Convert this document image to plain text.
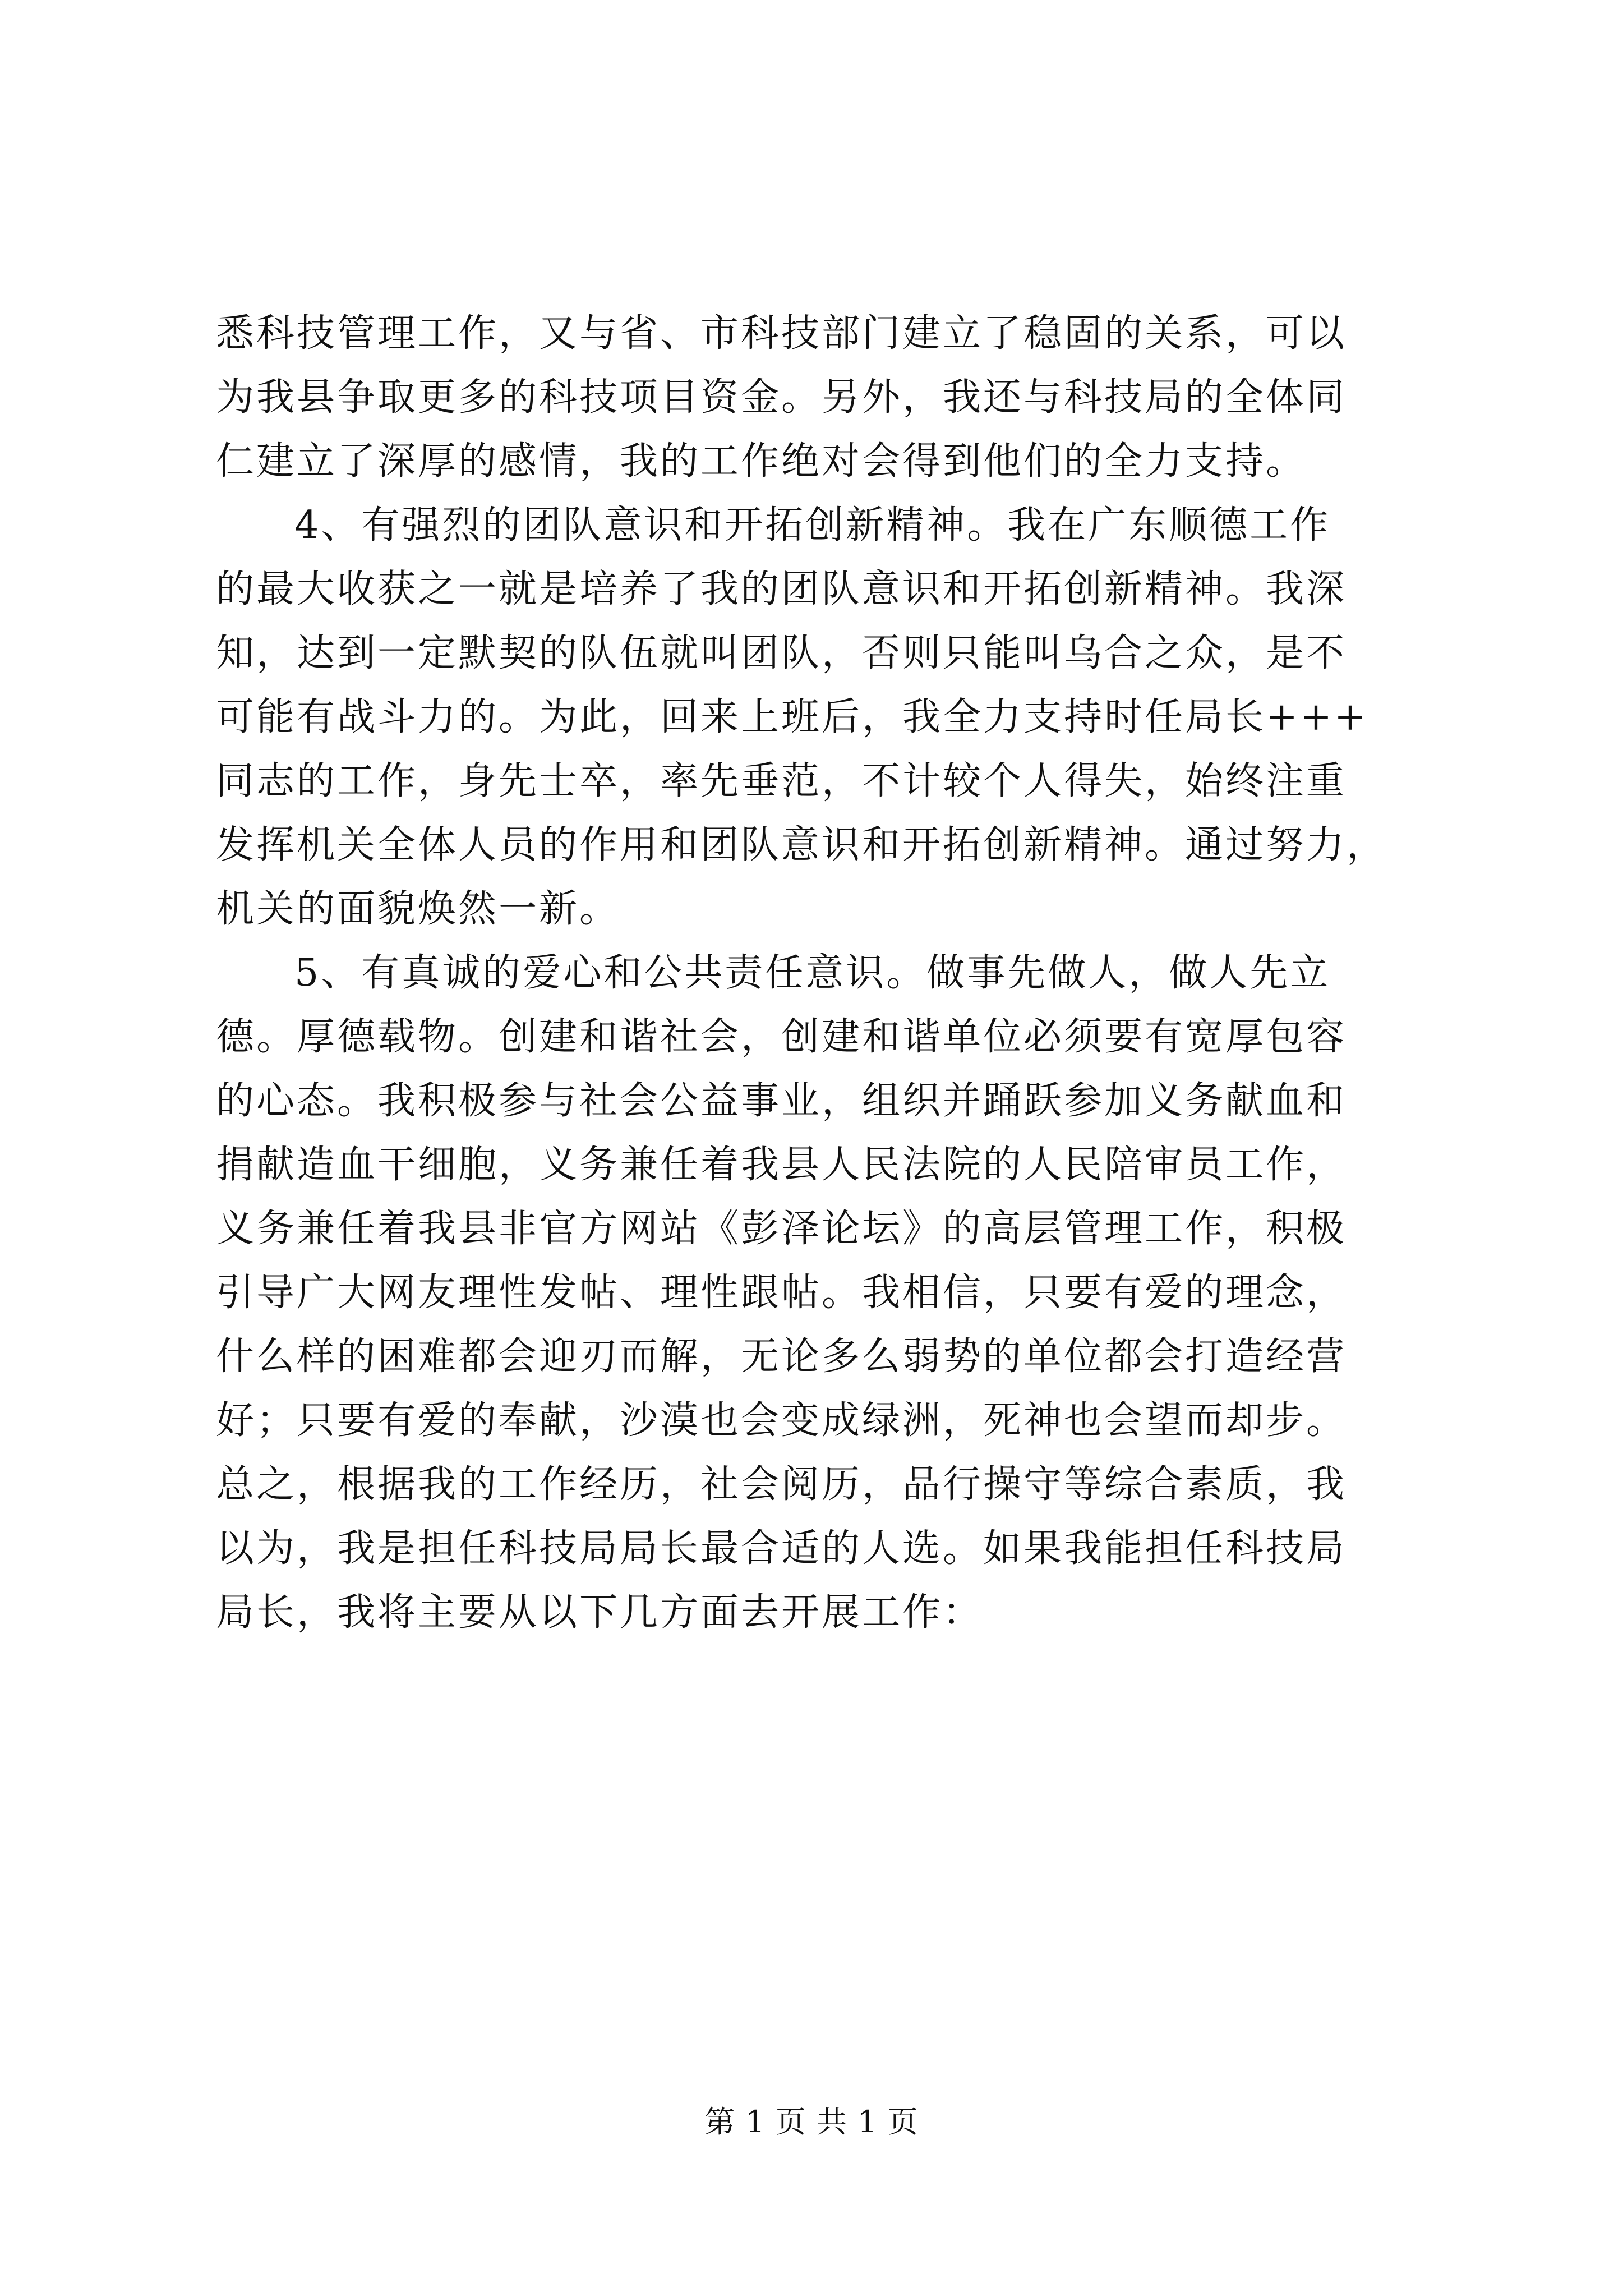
悉科技管理工作，又与省、市科技部门建立了稳固的关系，可以
为我县争取更多的科技项目资金。另外，我还与科技局的全体同
仁建立了深厚的感情，我的工作绝对会得到他们的全力支持。
4、有强烈的团队意识和开拓创新精神。我在广东顺德工作
的最大收获之一就是培养了我的团队意识和开拓创新精神。我深
知，达到一定默契的队伍就叫团队，否则只能叫乌合之众，是不
可能有战斗力的。为此，回来上班后，我全力支持时任局长+++
同志的工作，身先士卒，率先垂范，不计较个人得失，始终注重
发挥机关全体人员的作用和团队意识和开拓创新精神。通过努力，
机关的面貌焕然一新。
5、有真诚的爱心和公共责任意识。做事先做人，做人先立
德。厚德载物。创建和谐社会，创建和谐单位必须要有宽厚包容
的心态。我积极参与社会公益事业，组织并踊跃参加义务献血和
捐献造血干细胞，义务兼任着我县人民法院的人民陪审员工作，
义务兼任着我县非官方网站《彭泽论坛》的高层管理工作，积极
引导广大网友理性发帖、理性跟帖。我相信，只要有爱的理念，
什么样的困难都会迎刃而解，无论多么弱势的单位都会打造经营
好；只要有爱的奉献，沙漠也会变成绿洲，死神也会望而却步。
总之，根据我的工作经历，社会阅历，品行操守等综合素质，我
以为，我是担任科技局局长最合适的人选。如果我能担任科技局
局长，我将主要从以下几方面去开展工作：
第 1 页 共 1 页
